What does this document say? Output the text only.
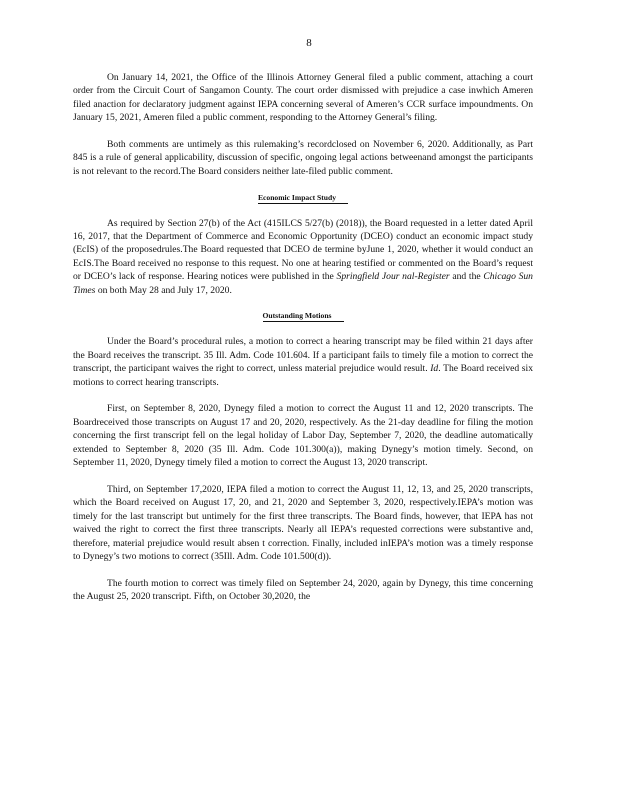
8

On January 14, 2021, the Office of the Illinois Attorney General filed a public comment, attaching a court order from the Circuit Court of Sangamon County. The court order dismissed with prejudice a case inwhich Ameren filed anaction for declaratory judgment against IEPA concerning several of Ameren’s CCR surface impoundments. On January 15, 2021, Ameren filed a public comment, responding to the Attorney General’s filing.

Both comments are untimely as this rulemaking’s recordclosed on November 6, 2020. Additionally, as Part 845 is a rule of general applicability, discussion of specific, ongoing legal actions betweenand amongst the participants is not relevant to the record.The Board considers neither late-filed public comment.

Economic Impact Study

As required by Section 27(b) of the Act (415ILCS 5/27(b) (2018)), the Board requested in a letter dated April 16, 2017, that the Department of Commerce and Economic Opportunity (DCEO) conduct an economic impact study (EcIS) of the proposedrules.The Board requested that DCEO de termine byJune 1, 2020, whether it would conduct an EcIS.The Board received no response to this request. No one at hearing testified or commented on the Board’s request or DCEO’s lack of response. Hearing notices were published in the Springfield Jour nal-Register and the Chicago Sun Times on both May 28 and July 17, 2020.

Outstanding Motions

Under the Board’s procedural rules, a motion to correct a hearing transcript may be filed within 21 days after the Board receives the transcript. 35 Ill. Adm. Code 101.604. If a participant fails to timely file a motion to correct the transcript, the participant waives the right to correct, unless material prejudice would result. Id. The Board received six motions to correct hearing transcripts.

First, on September 8, 2020, Dynegy filed a motion to correct the August 11 and 12, 2020 transcripts. The Boardreceived those transcripts on August 17 and 20, 2020, respectively. As the 21-day deadline for filing the motion concerning the first transcript fell on the legal holiday of Labor Day, September 7, 2020, the deadline automatically extended to September 8, 2020 (35 Ill. Adm. Code 101.300(a)), making Dynegy’s motion timely. Second, on September 11, 2020, Dynegy timely filed a motion to correct the August 13, 2020 transcript.

Third, on September 17,2020, IEPA filed a motion to correct the August 11, 12, 13, and 25, 2020 transcripts, which the Board received on August 17, 20, and 21, 2020 and September 3, 2020, respectively.IEPA’s motion was timely for the last transcript but untimely for the first three transcripts. The Board finds, however, that IEPA has not waived the right to correct the first three transcripts. Nearly all IEPA’s requested corrections were substantive and, therefore, material prejudice would result absen t correction. Finally, included inIEPA’s motion was a timely response to Dynegy’s two motions to correct (35Ill. Adm. Code 101.500(d)).

The fourth motion to correct was timely filed on September 24, 2020, again by Dynegy, this time concerning the August 25, 2020 transcript. Fifth, on October 30,2020, the
